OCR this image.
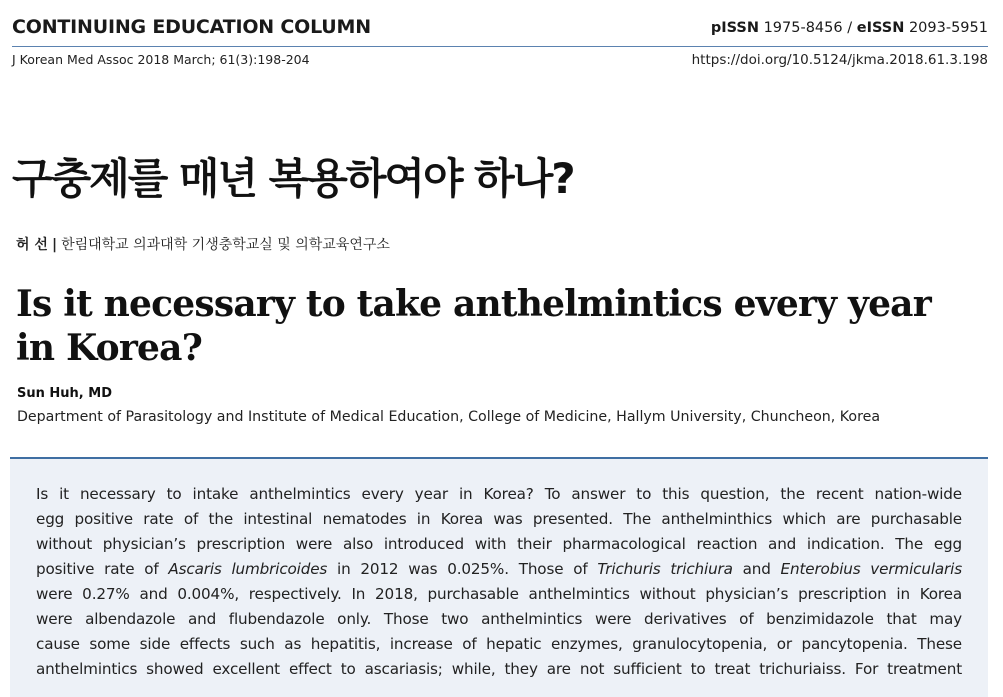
CONTINUING EDUCATION COLUMN	pISSN 1975-8456 / eISSN 2093-5951
J Korean Med Assoc 2018 March; 61(3):198-204	https://doi.org/10.5124/jkma.2018.61.3.198
구충제를 매년 복용하여야 하나?
허 선 | 한림대학교 의과대학 기생충학교실 및 의학교육연구소
Is it necessary to take anthelmintics every year in Korea?
Sun Huh, MD
Department of Parasitology and Institute of Medical Education, College of Medicine, Hallym University, Chuncheon, Korea
Is it necessary to intake anthelmintics every year in Korea? To answer to this question, the recent nation-wide
egg positive rate of the intestinal nematodes in Korea was presented. The anthelminthics which are purchasable
without physician’s prescription were also introduced with their pharmacological reaction and indication. The egg
positive rate of Ascaris lumbricoides in 2012 was 0.025%. Those of Trichuris trichiura and Enterobius vermicularis
were 0.27% and 0.004%, respectively. In 2018, purchasable anthelmintics without physician’s prescription in Korea
were albendazole and flubendazole only. Those two anthelmintics were derivatives of benzimidazole that may
cause some side effects such as hepatitis, increase of hepatic enzymes, granulocytopenia, or pancytopenia. These
anthelmintics showed excellent effect to ascariasis; while, they are not sufficient to treat trichuriaiss. For treatment
